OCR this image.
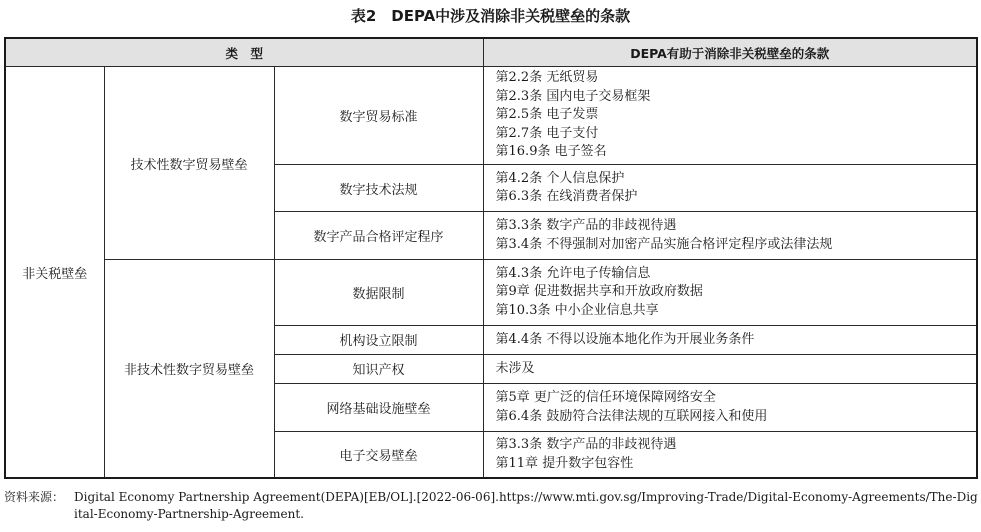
表2　DEPA中涉及消除非关税壁垒的条款
类　型			DEPA有助于消除非关税壁垒的条款
非关税壁垒	技术性数字贸易壁垒	数字贸易标准	第2.2条 无纸贸易
第2.3条 国内电子交易框架
第2.5条 电子发票
第2.7条 电子支付
第16.9条 电子签名

		数字技术法规	第4.2条 个人信息保护
第6.3条 在线消费者保护

		数字产品合格评定程序	第3.3条 数字产品的非歧视待遇
第3.4条 不得强制对加密产品实施合格评定程序或法律法规

	非技术性数字贸易壁垒	数据限制	第4.3条 允许电子传输信息
第9章 促进数据共享和开放政府数据
第10.3条 中小企业信息共享

		机构设立限制	第4.4条 不得以设施本地化作为开展业务条件

		知识产权	未涉及

		网络基础设施壁垒	第5章 更广泛的信任环境保障网络安全
第6.4条 鼓励符合法律法规的互联网接入和使用

		电子交易壁垒	第3.3条 数字产品的非歧视待遇
第11章 提升数字包容性
资料来源： Digital Economy Partnership Agreement(DEPA)[EB/OL].[2022-06-06].https://www.mti.gov.sg/Improving-Trade/Digital-Economy-Agreements/The-Digital-Economy-Partnership-Agreement.
